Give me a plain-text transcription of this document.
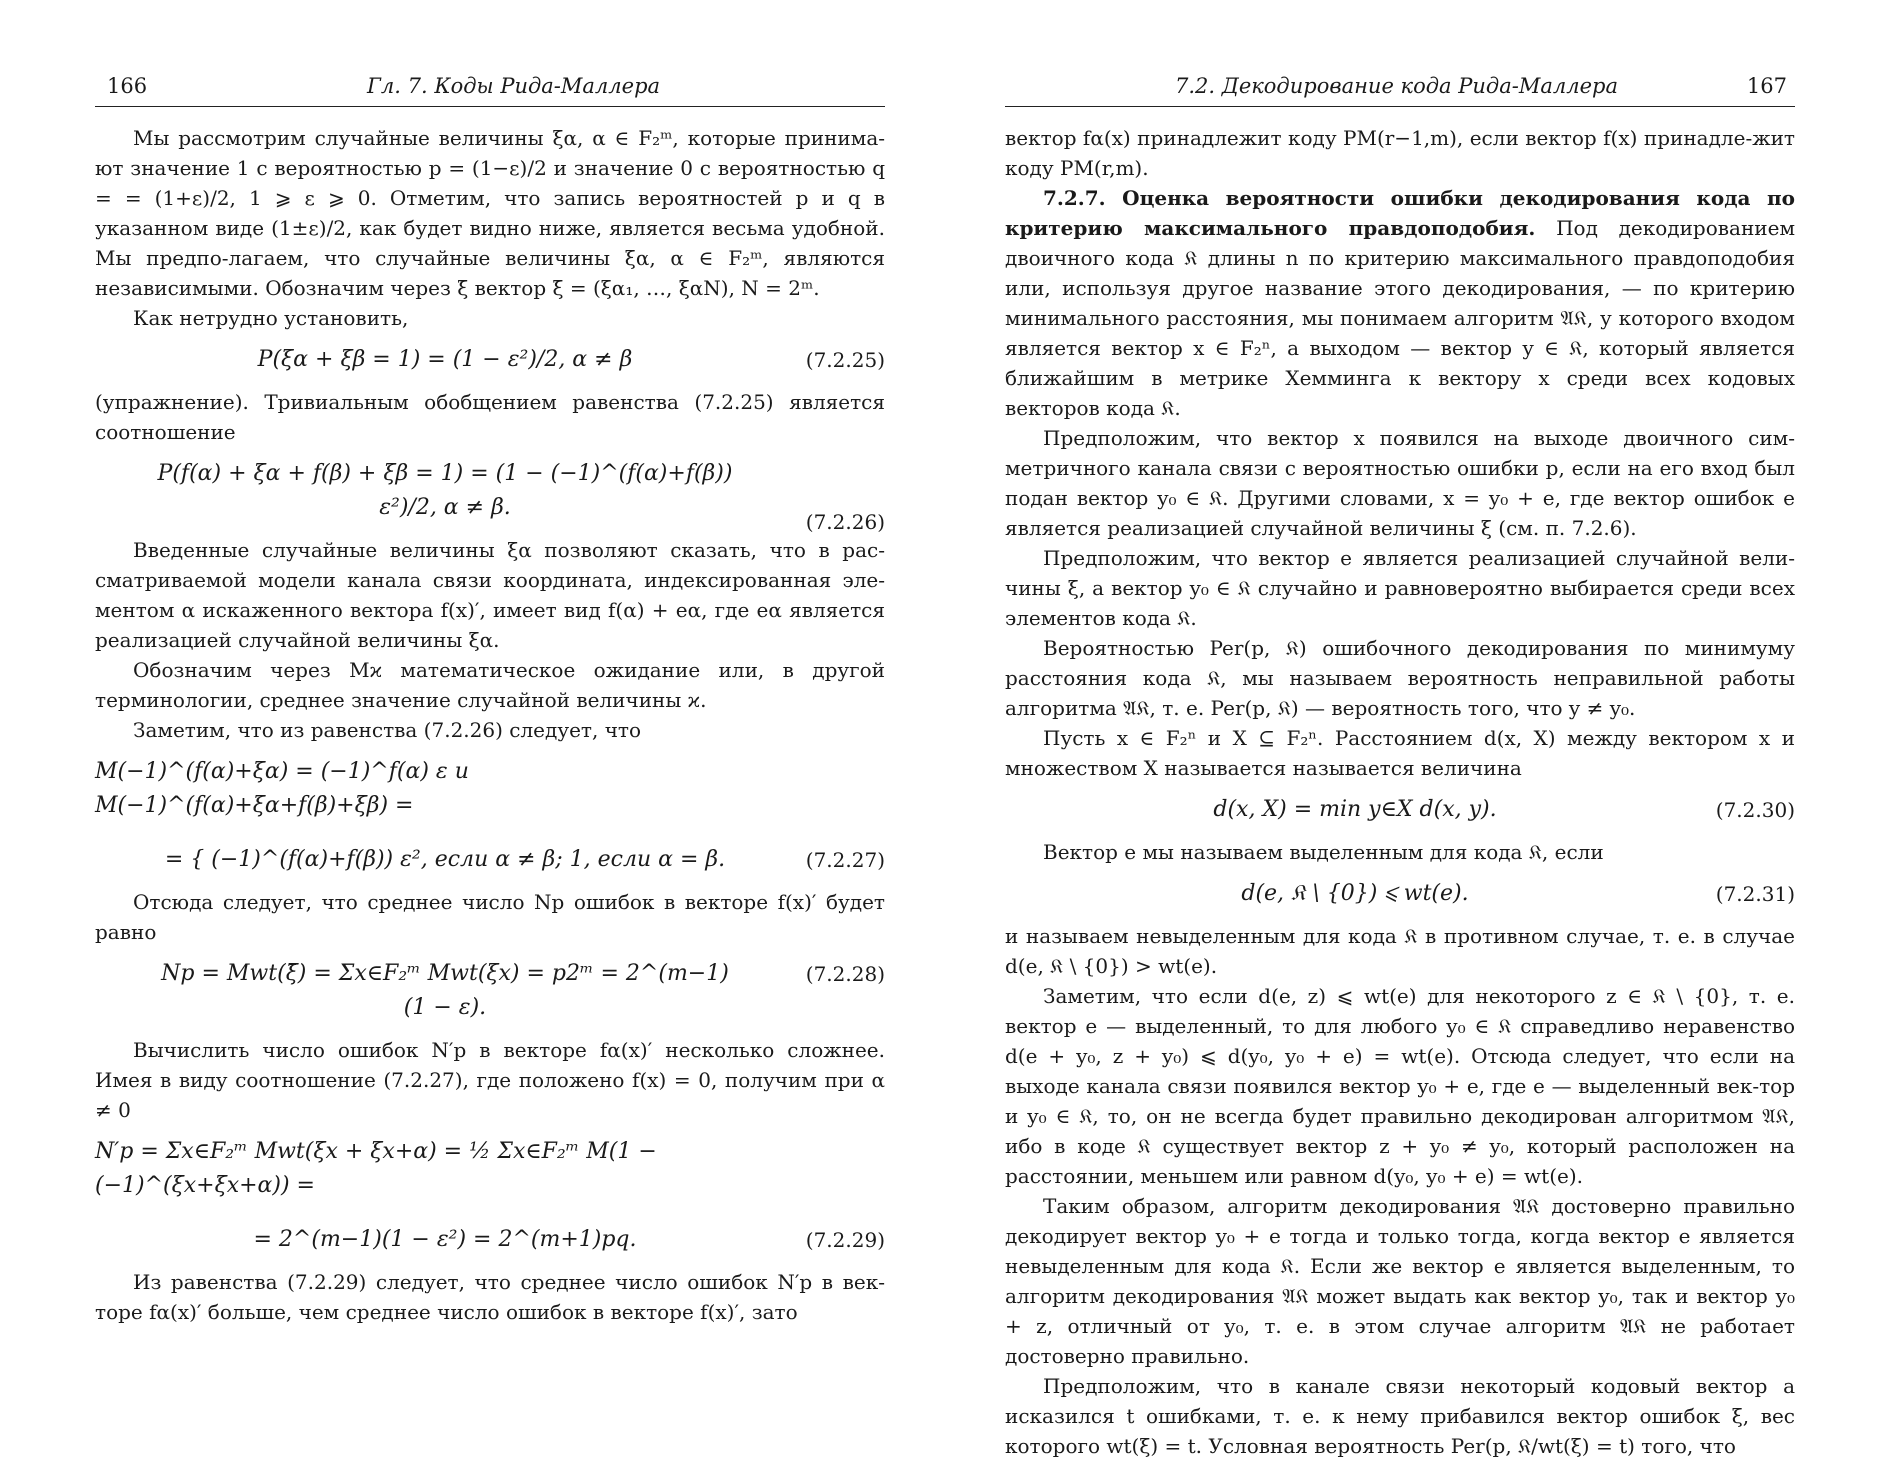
166	Гл. 7. Коды Рида-Маллера

Мы рассмотрим случайные величины ξα, α ∈ F₂ᵐ, которые принима-ют значение 1 с вероятностью p = (1−ε)/2 и значение 0 с вероятностью q = = (1+ε)/2, 1 ⩾ ε ⩾ 0. Отметим, что запись вероятностей p и q в указанном виде (1±ε)/2, как будет видно ниже, является весьма удобной. Мы предпо-лагаем, что случайные величины ξα, α ∈ F₂ᵐ, являются независимыми. Обозначим через ξ̄ вектор ξ̄ = (ξα₁, …, ξαN), N = 2ᵐ.

Как нетрудно установить,

P(ξα + ξβ = 1) = (1 − ε²)/2, α ≠ β	(7.2.25)

(упражнение). Тривиальным обобщением равенства (7.2.25) является соотношение

P(f(α) + ξα + f(β) + ξβ = 1) = (1 − (−1)^(f(α)+f(β)) ε²)/2, α ≠ β.
(7.2.26)

Введенные случайные величины ξα позволяют сказать, что в рас-сматриваемой модели канала связи координата, индексированная эле-ментом α искаженного вектора f(x)′, имеет вид f(α) + eα, где eα является реализацией случайной величины ξα.

Обозначим через Mϰ математическое ожидание или, в другой терминологии, среднее значение случайной величины ϰ.

Заметим, что из равенства (7.2.26) следует, что

M(−1)^(f(α)+ξα) = (−1)^f(α) ε и M(−1)^(f(α)+ξα+f(β)+ξβ) =
= { (−1)^(f(α)+f(β)) ε², если α ≠ β; 1, если α = β.	(7.2.27)

Отсюда следует, что среднее число Np ошибок в векторе f(x)′ будет равно

Np = Mwt(ξ̄) = Σx∈F₂ᵐ Mwt(ξx) = p2ᵐ = 2^(m−1)(1 − ε).
(7.2.28)

Вычислить число ошибок N′p в векторе fα(x)′ несколько сложнее. Имея в виду соотношение (7.2.27), где положено f(x) = 0, получим при α ≠ 0

N′p = Σx∈F₂ᵐ Mwt(ξx + ξx+α) = ½ Σx∈F₂ᵐ M(1 − (−1)^(ξx+ξx+α)) =
= 2^(m−1)(1 − ε²) = 2^(m+1)pq.	(7.2.29)

Из равенства (7.2.29) следует, что среднее число ошибок N′p в век-торе fα(x)′ больше, чем среднее число ошибок в векторе f(x)′, зато

7.2. Декодирование кода Рида-Маллера	167

вектор fα(x) принадлежит коду PM(r−1,m), если вектор f(x) принадле-жит коду PM(r,m).

7.2.7. Оценка вероятности ошибки декодирования кода по критерию максимального правдоподобия. Под декодированием двоичного кода 𝔎 длины n по критерию максимального правдоподобия или, используя другое название этого декодирования, — по критерию минимального расстояния, мы понимаем алгоритм 𝔄𝔎, у которого входом является вектор x ∈ F₂ⁿ, а выходом — вектор y ∈ 𝔎, который является ближайшим в метрике Хемминга к вектору x среди всех кодовых векторов кода 𝔎.

Предположим, что вектор x появился на выходе двоичного сим-метричного канала связи с вероятностью ошибки p, если на его вход был подан вектор y₀ ∈ 𝔎. Другими словами, x = y₀ + e, где вектор ошибок e является реализацией случайной величины ξ (см. п. 7.2.6).

Предположим, что вектор e является реализацией случайной вели-чины ξ, а вектор y₀ ∈ 𝔎 случайно и равновероятно выбирается среди всех элементов кода 𝔎.

Вероятностью Per(p, 𝔎) ошибочного декодирования по минимуму расстояния кода 𝔎, мы называем вероятность неправильной работы алгоритма 𝔄𝔎, т. е. Per(p, 𝔎) — вероятность того, что y ≠ y₀.

Пусть x ∈ F₂ⁿ и X ⊆ F₂ⁿ. Расстоянием d(x, X) между вектором x и множеством X называется называется величина

d(x, X) = min y∈X d(x, y).	(7.2.30)

Вектор e мы называем выделенным для кода 𝔎, если

d(e, 𝔎 \ {0}) ⩽ wt(e).	(7.2.31)

и называем невыделенным для кода 𝔎 в противном случае, т. е. в случае d(e, 𝔎 \ {0}) > wt(e).

Заметим, что если d(e, z) ⩽ wt(e) для некоторого z ∈ 𝔎 \ {0}, т. е. вектор e — выделенный, то для любого y₀ ∈ 𝔎 справедливо неравенство d(e + y₀, z + y₀) ⩽ d(y₀, y₀ + e) = wt(e). Отсюда следует, что если на выходе канала связи появился вектор y₀ + e, где e — выделенный век-тор и y₀ ∈ 𝔎, то, он не всегда будет правильно декодирован алгоритмом 𝔄𝔎, ибо в коде 𝔎 существует вектор z + y₀ ≠ y₀, который расположен на расстоянии, меньшем или равном d(y₀, y₀ + e) = wt(e).

Таким образом, алгоритм декодирования 𝔄𝔎 достоверно правильно декодирует вектор y₀ + e тогда и только тогда, когда вектор e является невыделенным для кода 𝔎. Если же вектор e является выделенным, то алгоритм декодирования 𝔄𝔎 может выдать как вектор y₀, так и вектор y₀ + z, отличный от y₀, т. е. в этом случае алгоритм 𝔄𝔎 не работает достоверно правильно.

Предположим, что в канале связи некоторый кодовый вектор a исказился t ошибками, т. е. к нему прибавился вектор ошибок ξ, вес которого wt(ξ) = t. Условная вероятность Per(p, 𝔎/wt(ξ) = t) того, что
